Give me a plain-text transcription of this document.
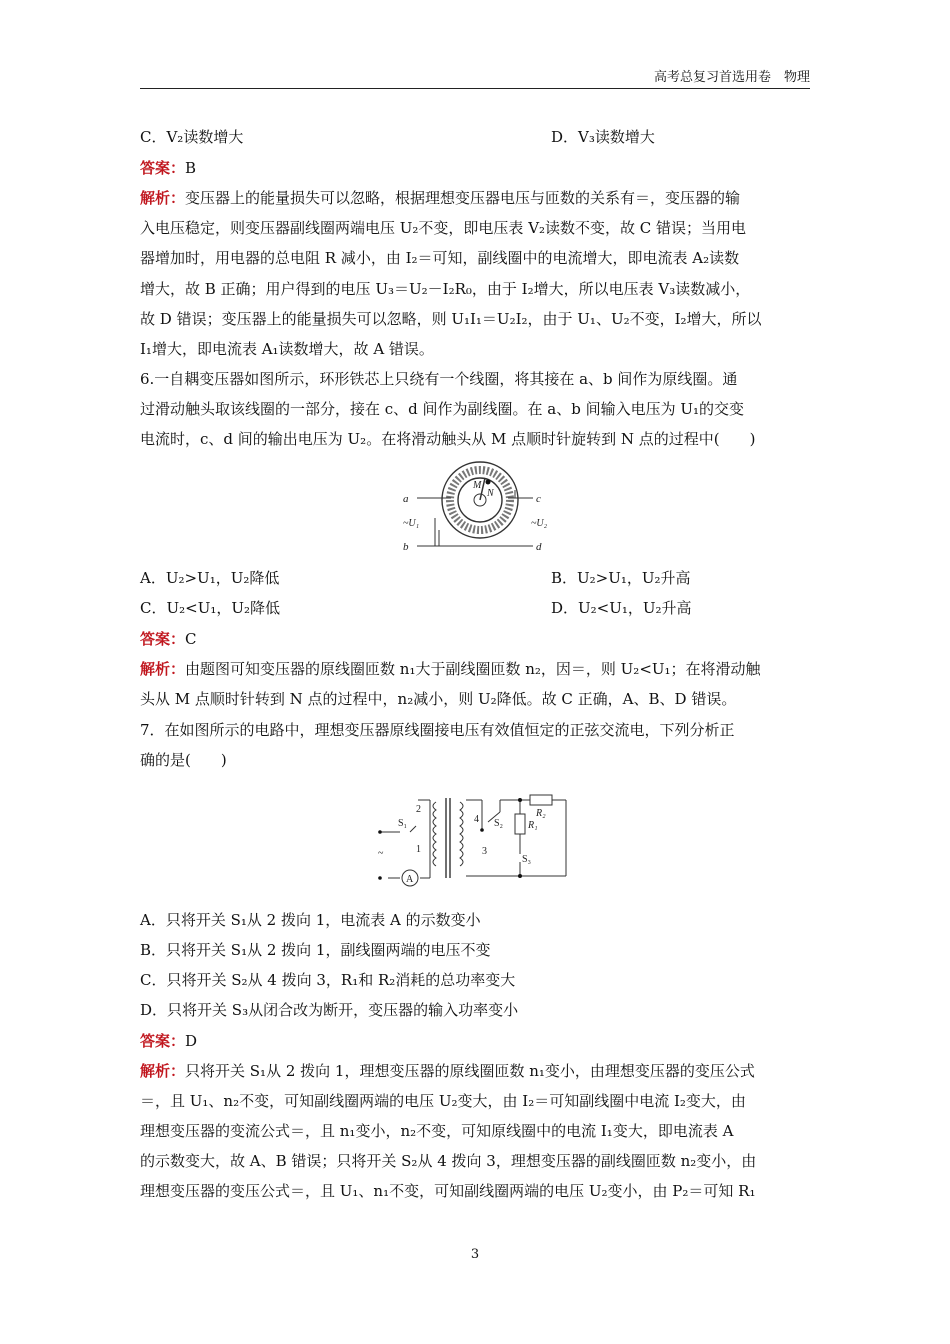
高考总复习首选用卷　物理
C．V₂读数增大	D．V₃读数增大
答案：B
解析：变压器上的能量损失可以忽略，根据理想变压器电压与匝数的关系有＝，变压器的输
入电压稳定，则变压器副线圈两端电压 U₂不变，即电压表 V₂读数不变，故 C 错误；当用电
器增加时，用电器的总电阻 R 减小，由 I₂＝可知，副线圈中的电流增大，即电流表 A₂读数
增大，故 B 正确；用户得到的电压 U₃＝U₂－I₂R₀，由于 I₂增大，所以电压表 V₃读数减小，
故 D 错误；变压器上的能量损失可以忽略，则 U₁I₁＝U₂I₂，由于 U₁、U₂不变，I₂增大，所以
I₁增大，即电流表 A₁读数增大，故 A 错误。
6.一自耦变压器如图所示，环形铁芯上只绕有一个线圈，将其接在 a、b 间作为原线圈。通
过滑动触头取该线圈的一部分，接在 c、d 间作为副线圈。在 a、b 间输入电压为 U₁的交变
电流时，c、d 间的输出电压为 U₂。在将滑动触头从 M 点顺时针旋转到 N 点的过程中(　　)
a
b
c
d
~U₁	~U₂
M
N
A．U₂>U₁，U₂降低	B．U₂>U₁，U₂升高
C．U₂<U₁，U₂降低	D．U₂<U₁，U₂升高
答案：C
解析：由题图可知变压器的原线圈匝数 n₁大于副线圈匝数 n₂，因＝，则 U₂<U₁；在将滑动触
头从 M 点顺时针转到 N 点的过程中，n₂减小，则 U₂降低。故 C 正确，A、B、D 错误。
7．在如图所示的电路中，理想变压器原线圈接电压有效值恒定的正弦交流电，下列分析正
确的是(　　)
S₁
2
1
4
3
S₂ R₁
R₂
S₃
~
A
A．只将开关 S₁从 2 拨向 1，电流表 A 的示数变小
B．只将开关 S₁从 2 拨向 1，副线圈两端的电压不变
C．只将开关 S₂从 4 拨向 3，R₁和 R₂消耗的总功率变大
D．只将开关 S₃从闭合改为断开，变压器的输入功率变小
答案：D
解析：只将开关 S₁从 2 拨向 1，理想变压器的原线圈匝数 n₁变小，由理想变压器的变压公式
＝，且 U₁、n₂不变，可知副线圈两端的电压 U₂变大，由 I₂＝可知副线圈中电流 I₂变大，由
理想变压器的变流公式＝，且 n₁变小，n₂不变，可知原线圈中的电流 I₁变大，即电流表 A
的示数变大，故 A、B 错误；只将开关 S₂从 4 拨向 3，理想变压器的副线圈匝数 n₂变小，由
理想变压器的变压公式＝，且 U₁、n₁不变，可知副线圈两端的电压 U₂变小，由 P₂＝可知 R₁
3
